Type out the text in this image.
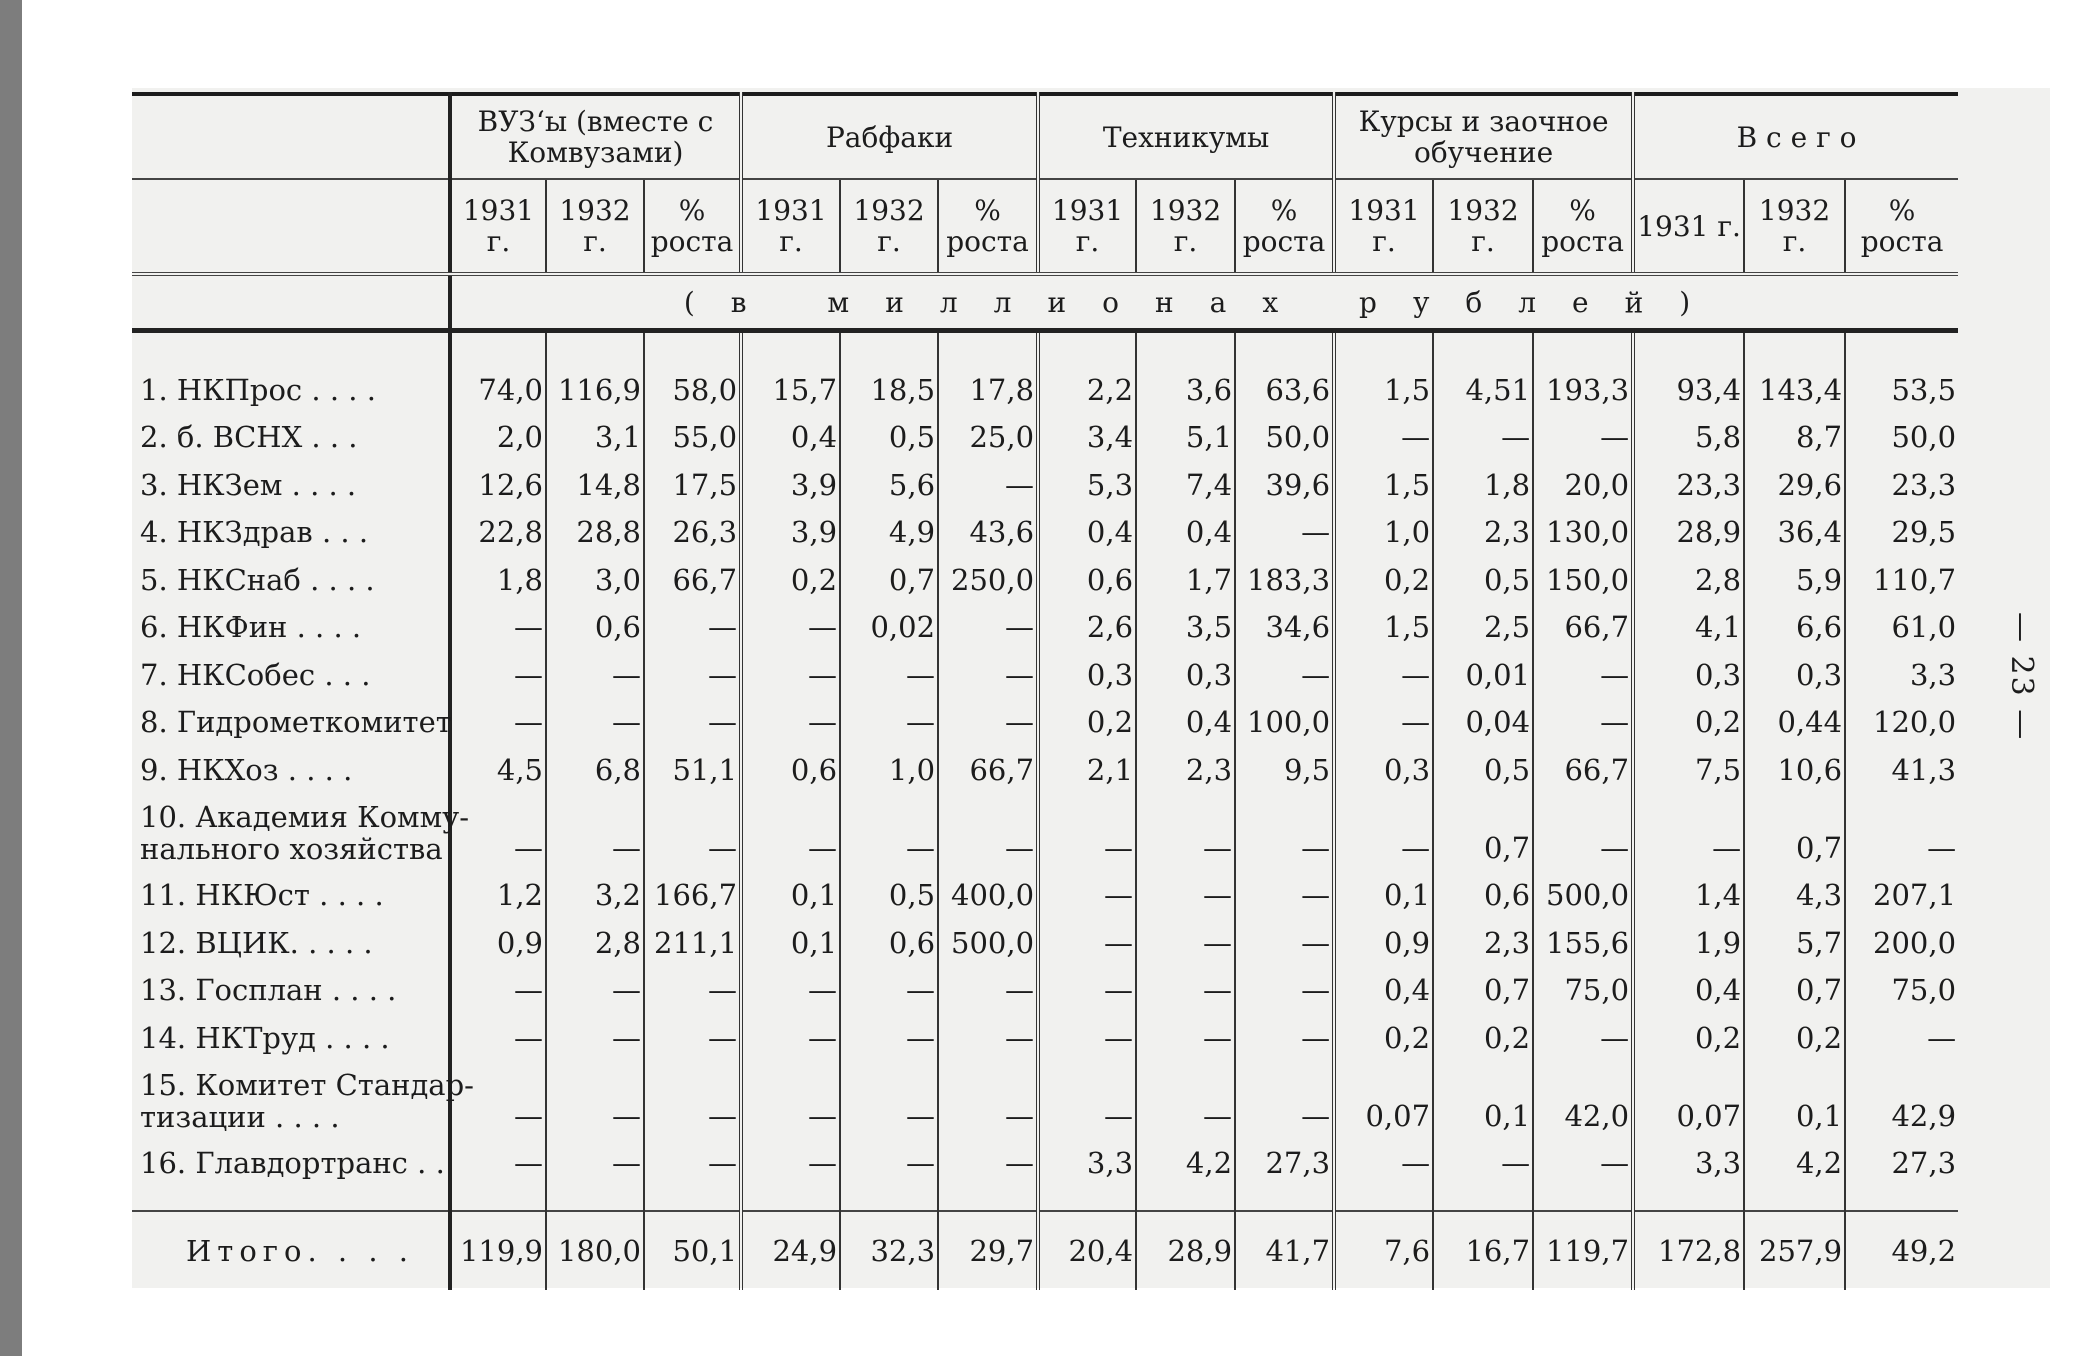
	ВУЗ‘ы (вместе с Комвузами)			Рабфаки			Техникумы			Курсы и заочное обучение			В с е г о		
	1931 г.	1932 г.	% роста	1931 г.	1932 г.	% роста	1931 г.	1932 г.	% роста	1931 г.	1932 г.	% роста	1931 г.	1932 г.	% роста
	(в миллионах рублей)														

1. НКПрос . . . .	74,0	116,9	58,0	15,7	18,5	17,8	2,2	3,6	63,6	1,5	4,51	193,3	93,4	143,4	53,5
2. б. ВСНХ . . .	2,0	3,1	55,0	0,4	0,5	25,0	3,4	5,1	50,0	—	—	—	5,8	8,7	50,0
3. НКЗем . . . .	12,6	14,8	17,5	3,9	5,6	—	5,3	7,4	39,6	1,5	1,8	20,0	23,3	29,6	23,3
4. НКЗдрав . . .	22,8	28,8	26,3	3,9	4,9	43,6	0,4	0,4	—	1,0	2,3	130,0	28,9	36,4	29,5
5. НКСнаб . . . .	1,8	3,0	66,7	0,2	0,7	250,0	0,6	1,7	183,3	0,2	0,5	150,0	2,8	5,9	110,7
6. НКФин . . . .	—	0,6	—	—	0,02	—	2,6	3,5	34,6	1,5	2,5	66,7	4,1	6,6	61,0
7. НКСобес . . .	—	—	—	—	—	—	0,3	0,3	—	—	0,01	—	0,3	0,3	3,3
8. Гидрометкомитет	—	—	—	—	—	—	0,2	0,4	100,0	—	0,04	—	0,2	0,44	120,0
9. НКХоз . . . .	4,5	6,8	51,1	0,6	1,0	66,7	2,1	2,3	9,5	0,3	0,5	66,7	7,5	10,6	41,3

10. Академия Комму-
нального хозяйства	—	—	—	—	—	—	—	—	—	—	0,7	—	—	0,7	—
11. НКЮст . . . .	1,2	3,2	166,7	0,1	0,5	400,0	—	—	—	0,1	0,6	500,0	1,4	4,3	207,1
12. ВЦИК. . . . .	0,9	2,8	211,1	0,1	0,6	500,0	—	—	—	0,9	2,3	155,6	1,9	5,7	200,0
13. Госплан . . . .	—	—	—	—	—	—	—	—	—	0,4	0,7	75,0	0,4	0,7	75,0
14. НКТруд . . . .	—	—	—	—	—	—	—	—	—	0,2	0,2	—	0,2	0,2	—

15. Комитет Стандар-
тизации . . . .	—	—	—	—	—	—	—	—	—	0,07	0,1	42,0	0,07	0,1	42,9
16. Главдортранс . .	—	—	—	—	—	—	3,3	4,2	27,3	—	—	—	3,3	4,2	27,3

Итого. . . .	119,9	180,0	50,1	24,9	32,3	29,7	20,4	28,9	41,7	7,6	16,7	119,7	172,8	257,9	49,2
— 23 —
